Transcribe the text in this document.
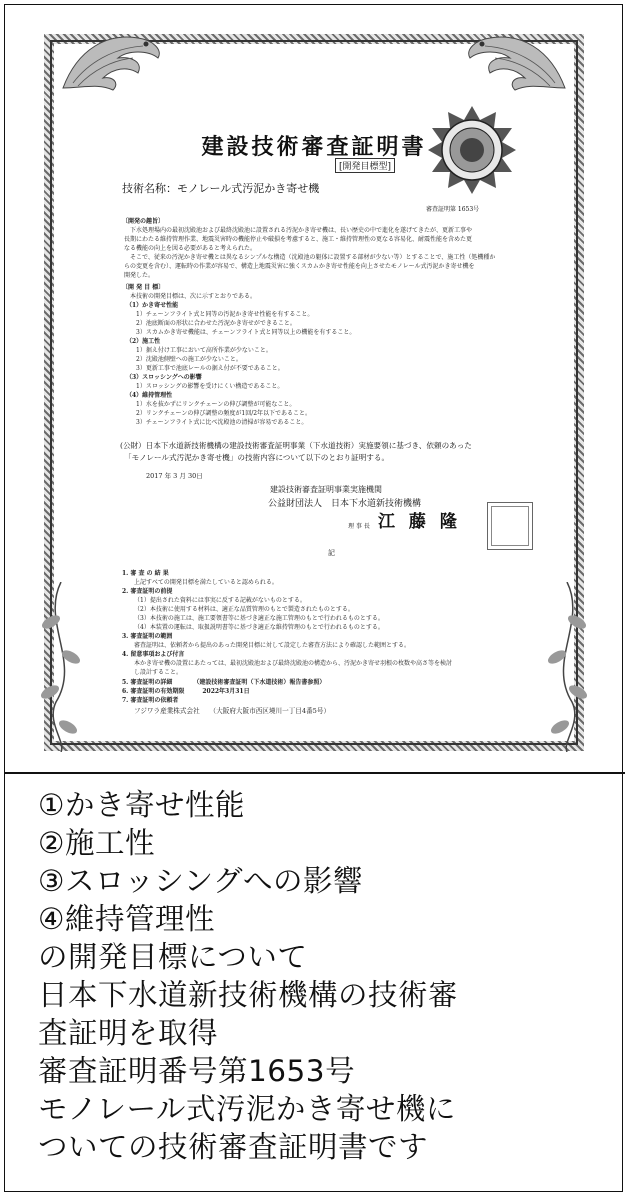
建設技術審査証明書
[開発目標型]
審査証明第 1653号
技術名称：モノレール式汚泥かき寄せ機
〔開発の趣旨〕
下水処理場内の最初沈殿池および最終沈殿池に設置される汚泥かき寄せ機は、長い歴史の中で進化を遂げてきたが、更新工事や
長期にわたる維持管理作業、地震災害時の機能停止や破損を考慮すると、施工・維持管理性の更なる容易化、耐震性能を含めた更
なる機能の向上を図る必要があると考えられた。
そこで、従来の汚泥かき寄せ機とは異なるシンプルな構造（沈殿池の躯体に設置する部材が少ない等）とすることで、施工性（処機種か
らの変更を含む）、運転時の作業が容易で、構造上地震災害に強くスカムかき寄せ性能を向上させたモノレール式汚泥かき寄せ機を
開発した。
〔開 発 目 標〕
本技術の開発目標は、次に示すとおりである。
（1）かき寄せ性能
1）チェーンフライト式と同等の汚泥かき寄せ性能を有すること。
2）池底断面の形状に合わせた汚泥かき寄せができること。
3）スカムかき寄せ機能は、チェーンフライト式と同等以上の機能を有すること。
（2）施工性
1）据え付け工事において高所作業が少ないこと。
2）沈殿池側壁への施工が少ないこと。
3）更新工事で池底レールの据え付が不要であること。
（3）スロッシングへの影響
1）スロッシングの影響を受けにくい構造であること。
（4）維持管理性
1）水を抜かずにリンクチェーンの伸び調整が可能なこと。
2）リンクチェーンの伸び調整の頻度が1回/2年以下であること。
3）チェーンフライト式に比べ沈殿池の清掃が容易であること。
(公財）日本下水道新技術機構の建設技術審査証明事業（下水道技術）実施要領に基づき、依頼のあった
「モノレール式汚泥かき寄せ機」の技術内容について以下のとおり証明する。
2017 年 3 月 30日
建設技術審査証明事業実施機関
公益財団法人　日本下水道新技術機構
理 事 長 江 藤 隆
記
1. 審 査 の 結 果
上記すべての開発目標を満たしていると認められる。
2. 審査証明の前提
（1）提出された資料には事実に反する記載がないものとする。
（2）本技術に使用する材料は、適正な品質管理のもとで製造されたものとする。
（3）本技術の施工は、施工要領書等に基づき適正な施工管理のもとで行われるものとする。
（4）本装置の運転は、取扱説明書等に基づき適正な維持管理のもとで行われるものとする。
3. 審査証明の範囲
審査証明は、依頼者から提出のあった開発目標に対して設定した審査方法により確認した範囲とする。
4. 留意事項および付言
本かき寄せ機の設置にあたっては、最初沈殿池および最終沈殿池の構造から、汚泥かき寄せ羽根の枚数や高さ等を検討
し設計すること。
5. 審査証明の詳細　　　　（建設技術審査証明（下水道技術）報告書参照）
6. 審査証明の有効期限　　　2022年3月31日
7. 審査証明の依頼者
フジワラ産業株式会社　　（大阪府大阪市西区境川一丁目4番5号）
①かき寄せ性能
②施工性
③スロッシングへの影響
④維持管理性
の開発目標について
日本下水道新技術機構の技術審
査証明を取得
審査証明番号第1653号
モノレール式汚泥かき寄せ機に
ついての技術審査証明書です
